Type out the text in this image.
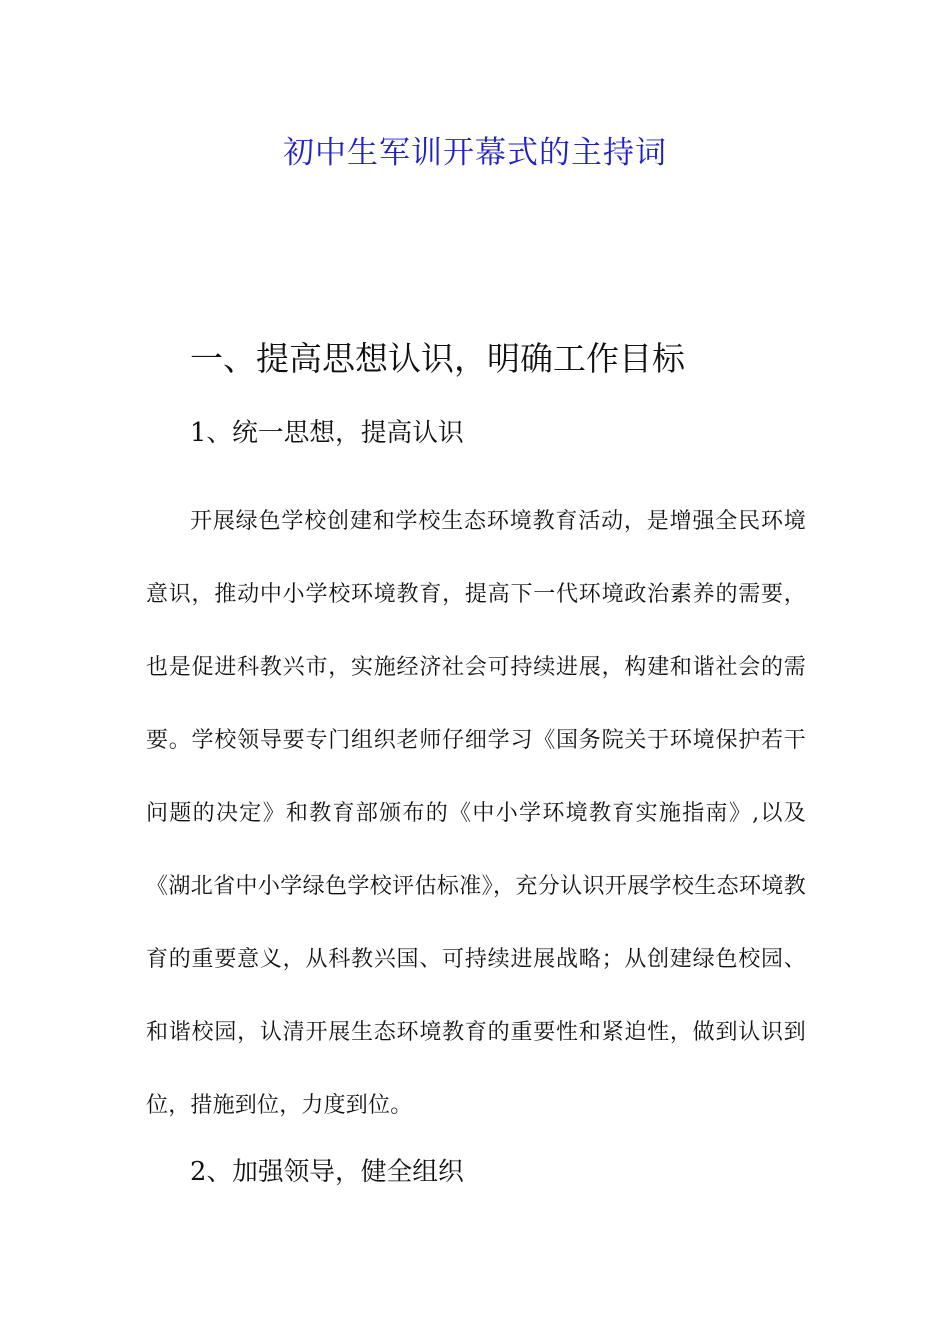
初中生军训开幕式的主持词
一、提高思想认识，明确工作目标
1、统一思想，提高认识

开展绿色学校创建和学校生态环境教育活动，是增强全民环境意识，推动中小学校环境教育，提高下一代环境政治素养的需要，也是促进科教兴市，实施经济社会可持续进展，构建和谐社会的需要。学校领导要专门组织老师仔细学习《国务院关于环境保护若干问题的决定》和教育部颁布的《中小学环境教育实施指南》,以及《湖北省中小学绿色学校评估标准》，充分认识开展学校生态环境教育的重要意义，从科教兴国、可持续进展战略；从创建绿色校园、和谐校园，认清开展生态环境教育的重要性和紧迫性，做到认识到位，措施到位，力度到位。

2、加强领导，健全组织
